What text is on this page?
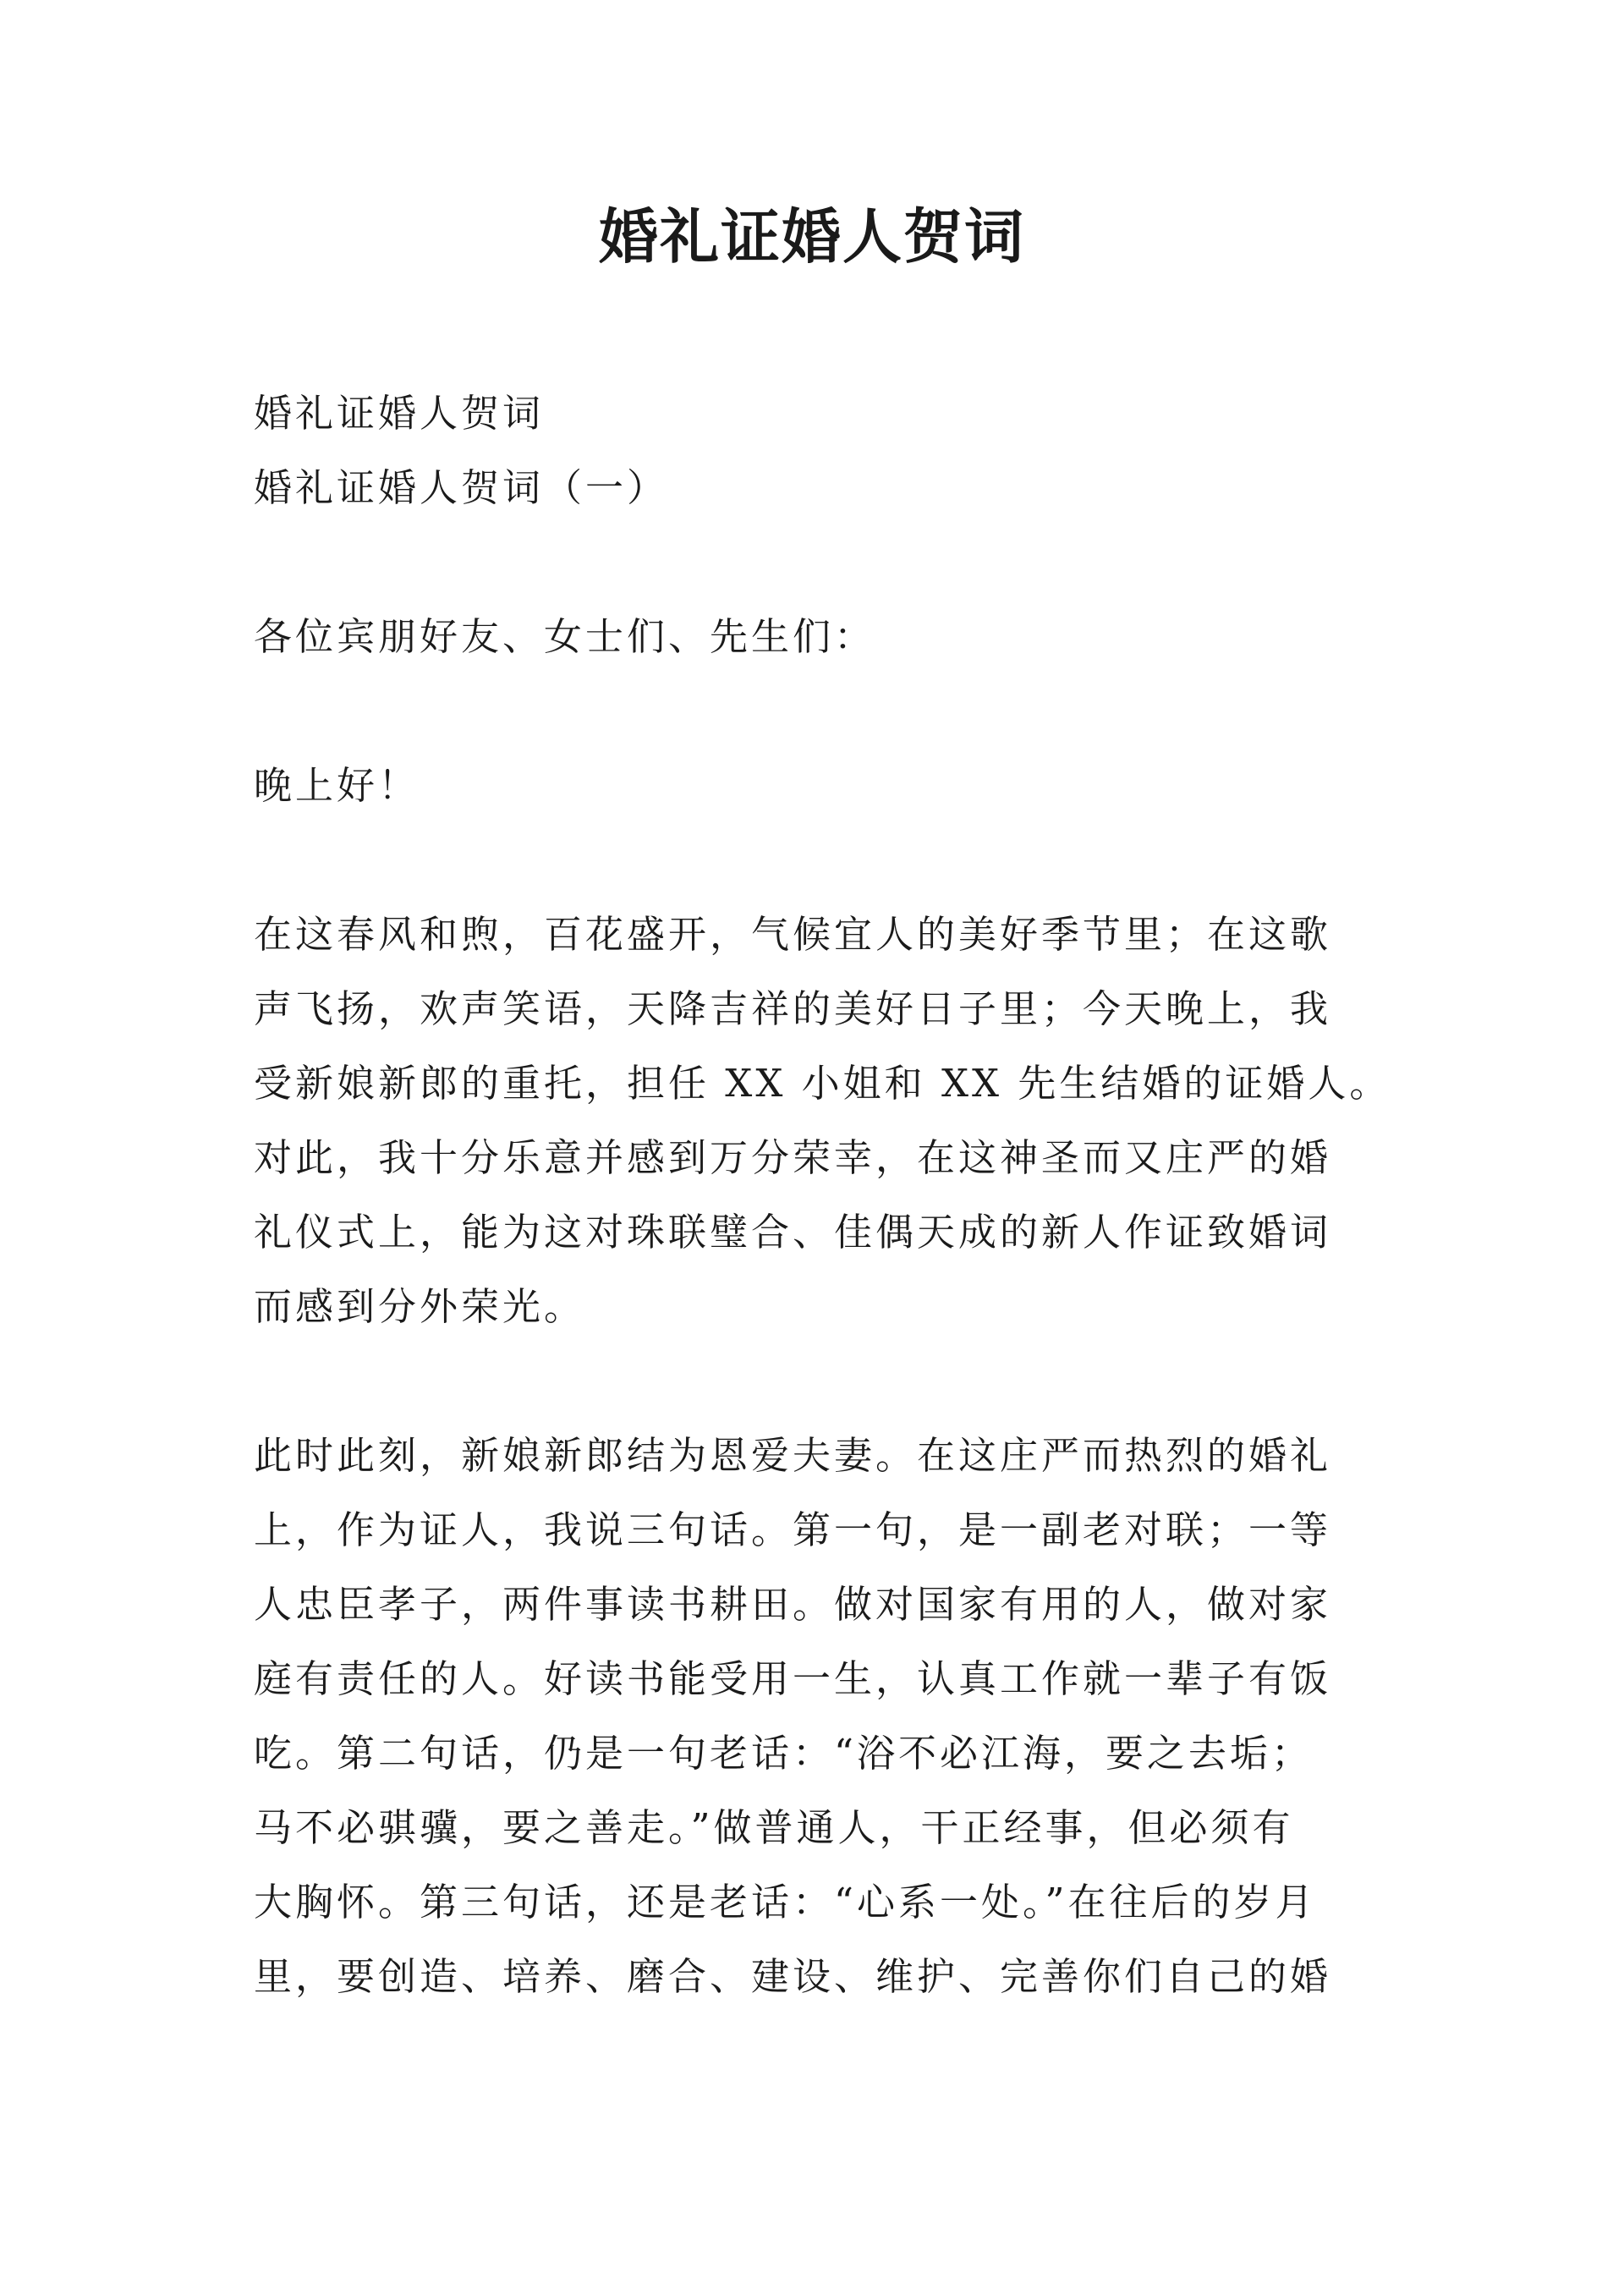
婚礼证婚人贺词
婚礼证婚人贺词
婚礼证婚人贺词（一）
各位宾朋好友、女士们、先生们：
晚上好！
在这春风和煦，百花盛开，气候宜人的美好季节里；在这歌
声飞扬，欢声笑语，天降吉祥的美好日子里；今天晚上，我
受新娘新郎的重托，担任 XX 小姐和 XX 先生结婚的证婚人。
对此，我十分乐意并感到万分荣幸，在这神圣而又庄严的婚
礼仪式上，能为这对珠联璧合、佳偶天成的新人作证致婚词
而感到分外荣光。
此时此刻，新娘新郎结为恩爱夫妻。在这庄严而热烈的婚礼
上，作为证人，我说三句话。第一句，是一副老对联；一等
人忠臣孝子，两件事读书耕田。做对国家有用的人，做对家
庭有责任的人。好读书能受用一生，认真工作就一辈子有饭
吃。第二句话，仍是一句老话：“浴不必江海，要之去垢；
马不必骐骥，要之善走。”做普通人，干正经事，但必须有
大胸怀。第三句话，还是老话：“心系一处。”在往后的岁月
里，要创造、培养、磨合、建设、维护、完善你们自己的婚
